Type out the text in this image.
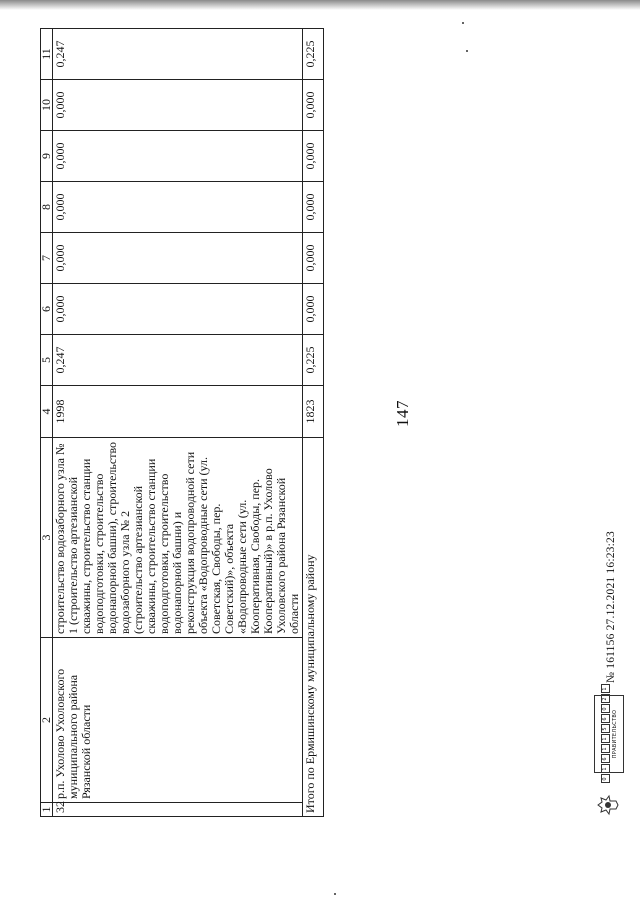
147
1	2	3	4	5	6	7	8	9	10	11
32	р.п. Ухолово Ухоловского муниципального района Рязанской области	строительство водозаборного узла № 1 (строительство артезианской скважины, строительство станции водоподготовки, строительство водонапорной башни), строительство водозаборного узла № 2 (строительство артезианской скважины, строительство станции водоподготовки, строительство водонапорной башни) и реконструкция водопроводной сети объекта «Водопроводные сети (ул. Советская, Свободы, пер. Советский)», объекта «Водопроводные сети (ул. Кооперативная, Свободы, пер. Кооперативный)» в р.п. Ухолово Ухоловского района Рязанской области	1998	0,247	0,000	0,000	0,000	0,000	0,000	0,247
Итого по Ермишинскому муниципальному району			1823	0,225	0,000	0,000	0,000	0,000	0,000	0,225
0
1
6
1
1
5
6
0
2
1
ПРАВИТЕЛЬСТВО
№ 161156 27.12.2021 16:23:23
